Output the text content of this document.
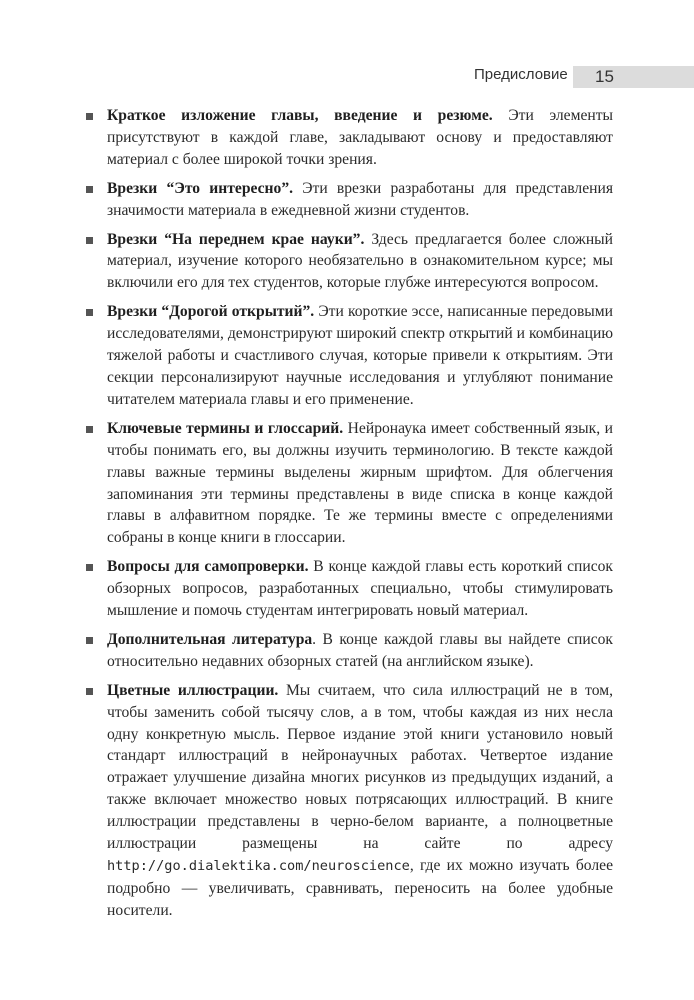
Предисловие 15
Краткое изложение главы, введение и резюме. Эти элементы присутствуют в каждой главе, закладывают основу и предоставляют материал с более широкой точки зрения.
Врезки “Это интересно”. Эти врезки разработаны для представления значимости материала в ежедневной жизни студентов.
Врезки “На переднем крае науки”. Здесь предлагается более сложный материал, изучение которого необязательно в ознакомительном курсе; мы включили его для тех студентов, которые глубже интересуются вопросом.
Врезки “Дорогой открытий”. Эти короткие эссе, написанные передовыми исследователями, демонстрируют широкий спектр открытий и комбинацию тяжелой работы и счастливого случая, которые привели к открытиям. Эти секции персонализируют научные исследования и углубляют понимание читателем материала главы и его применение.
Ключевые термины и глоссарий. Нейронаука имеет собственный язык, и чтобы понимать его, вы должны изучить терминологию. В тексте каждой главы важные термины выделены жирным шрифтом. Для облегчения запоминания эти термины представлены в виде списка в конце каждой главы в алфавитном порядке. Те же термины вместе с определениями собраны в конце книги в глоссарии.
Вопросы для самопроверки. В конце каждой главы есть короткий список обзорных вопросов, разработанных специально, чтобы стимулировать мышление и помочь студентам интегрировать новый материал.
Дополнительная литература. В конце каждой главы вы найдете список относительно недавних обзорных статей (на английском языке).
Цветные иллюстрации. Мы считаем, что сила иллюстраций не в том, чтобы заменить собой тысячу слов, а в том, чтобы каждая из них несла одну конкретную мысль. Первое издание этой книги установило новый стандарт иллюстраций в нейронаучных работах. Четвертое издание отражает улучшение дизайна многих рисунков из предыдущих изданий, а также включает множество новых потрясающих иллюстраций. В книге иллюстрации представлены в черно-белом варианте, а полноцветные иллюстрации размещены на сайте по адресу http://go.dialektika.com/neuroscience, где их можно изучать более подробно — увеличивать, сравнивать, переносить на более удобные носители.
